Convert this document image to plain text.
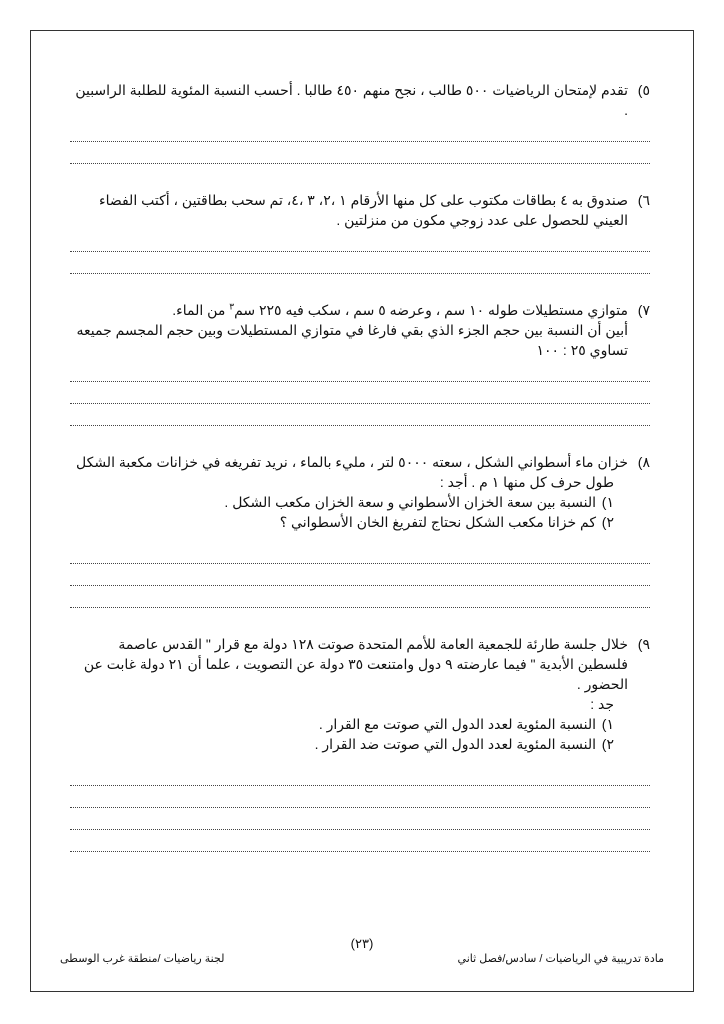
٥)
تقدم لإمتحان الرياضيات ٥٠٠ طالب ، نجح منهم ٤٥٠ طالبا . أحسب النسبة المئوية للطلبة الراسبين .
٦)
صندوق به ٤ بطاقات مكتوب على كل منها الأرقام ١ ،٢، ٣ ،٤، تم سحب بطاقتين ، أكتب الفضاء العيني للحصول على عدد زوجي مكون من منزلتين .
٧)
متوازي مستطيلات طوله ١٠ سم ، وعرضه ٥ سم ، سكب فيه ٢٢٥ سم$^٣$ من الماء.
أبين أن النسبة بين حجم الجزء الذي بقي فارغا في متوازي المستطيلات وبين حجم المجسم جميعه تساوي ٢٥ : ١٠٠
٨)
خزان ماء أسطواني الشكل ، سعته ٥٠٠٠ لتر ، مليء بالماء ، نريد تفريغه في خزانات مكعبة الشكل
طول حرف كل منها ١ م . أجد :
١)
النسبة بين سعة الخزان الأسطواني و سعة الخزان مكعب الشكل .
٢)
كم خزانا مكعب الشكل نحتاج لتفريغ الخان الأسطواني ؟
٩)
خلال جلسة طارئة للجمعية العامة للأمم المتحدة صوتت ١٢٨ دولة مع قرار " القدس عاصمة فلسطين الأبدية " فيما عارضته ٩ دول وامتنعت ٣٥ دولة عن التصويت ، علما أن ٢١ دولة غابت عن الحضور .
جد :
١)
النسبة المئوية لعدد الدول التي صوتت مع القرار .
٢)
النسبة المئوية لعدد الدول التي صوتت ضد القرار .
(٢٣)
مادة تدريبية في الرياضيات / سادس/فصل ثاني
لجنة رياضيات /منطقة غرب الوسطى
